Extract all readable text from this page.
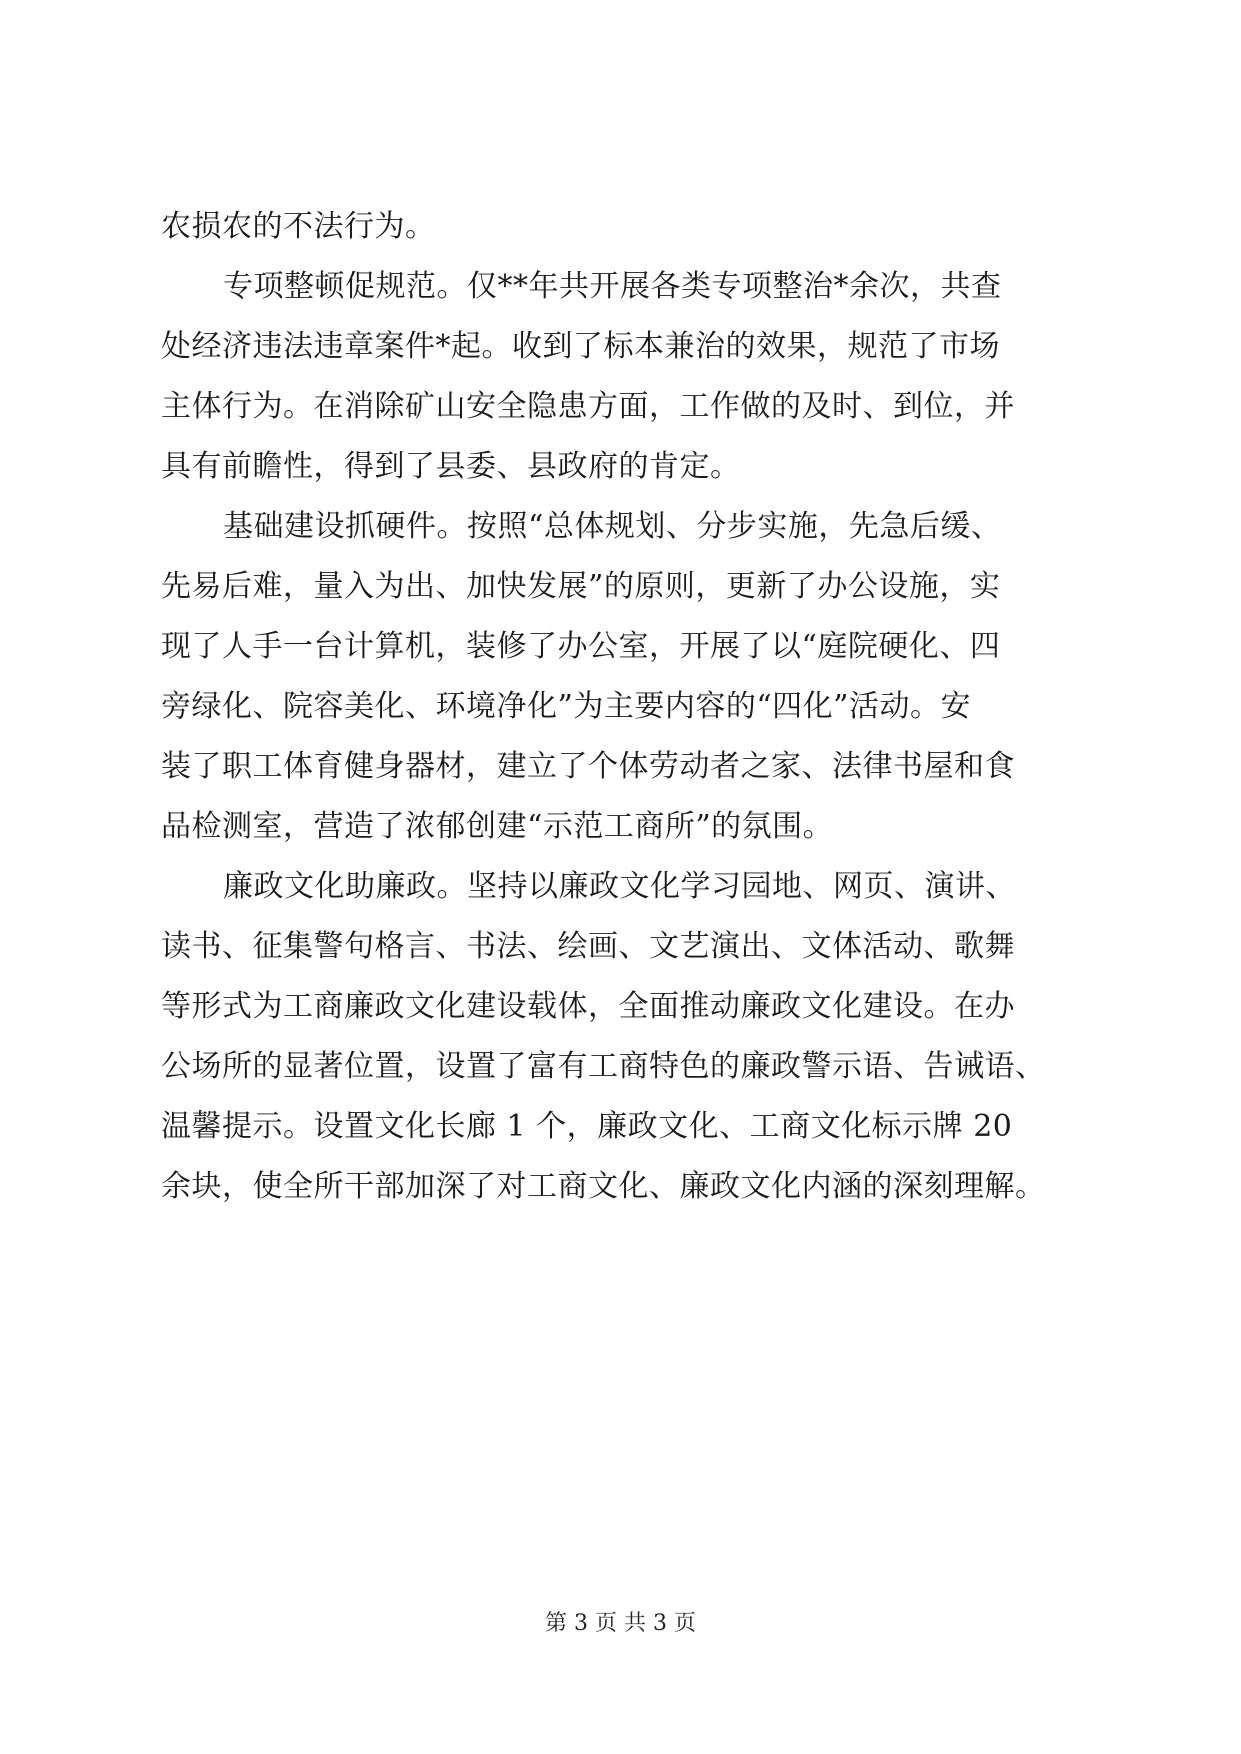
农损农的不法行为。
专项整顿促规范。仅**年共开展各类专项整治*余次，共查
处经济违法违章案件*起。收到了标本兼治的效果，规范了市场
主体行为。在消除矿山安全隐患方面，工作做的及时、到位，并
具有前瞻性，得到了县委、县政府的肯定。
基础建设抓硬件。按照“总体规划、分步实施，先急后缓、
先易后难，量入为出、加快发展”的原则，更新了办公设施，实
现了人手一台计算机，装修了办公室，开展了以“庭院硬化、四
旁绿化、院容美化、环境净化”为主要内容的“四化”活动。安
装了职工体育健身器材，建立了个体劳动者之家、法律书屋和食
品检测室，营造了浓郁创建“示范工商所”的氛围。
廉政文化助廉政。坚持以廉政文化学习园地、网页、演讲、
读书、征集警句格言、书法、绘画、文艺演出、文体活动、歌舞
等形式为工商廉政文化建设载体，全面推动廉政文化建设。在办
公场所的显著位置，设置了富有工商特色的廉政警示语、告诫语、
温馨提示。设置文化长廊 1 个，廉政文化、工商文化标示牌 20
余块，使全所干部加深了对工商文化、廉政文化内涵的深刻理解。
第 3 页 共 3 页
